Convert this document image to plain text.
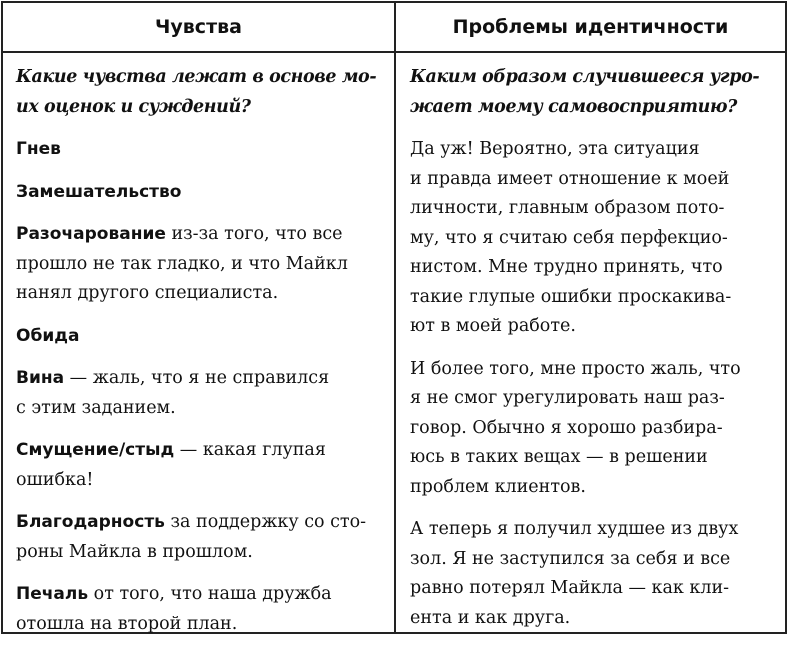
Чувства	Проблемы идентичности
Какие чувства лежат в основе мо-
их оценок и суждений?
Гнев
Замешательство
Разочарование из-за того, что все
прошло не так гладко, и что Майкл
нанял другого специалиста.
Обида
Вина — жаль, что я не справился
с этим заданием.
Смущение/стыд — какая глупая
ошибка!
Благодарность за поддержку со сто-
роны Майкла в прошлом.
Печаль от того, что наша дружба
отошла на второй план.
Каким образом случившееся угро-
жает моему самовосприятию?
Да уж! Вероятно, эта ситуация
и правда имеет отношение к моей
личности, главным образом пото-
му, что я считаю себя перфекцио-
нистом. Мне трудно принять, что
такие глупые ошибки проскакива-
ют в моей работе.
И более того, мне просто жаль, что
я не смог урегулировать наш раз-
говор. Обычно я хорошо разбира-
юсь в таких вещах — в решении
проблем клиентов.
А теперь я получил худшее из двух
зол. Я не заступился за себя и все
равно потерял Майкла — как кли-
ента и как друга.
